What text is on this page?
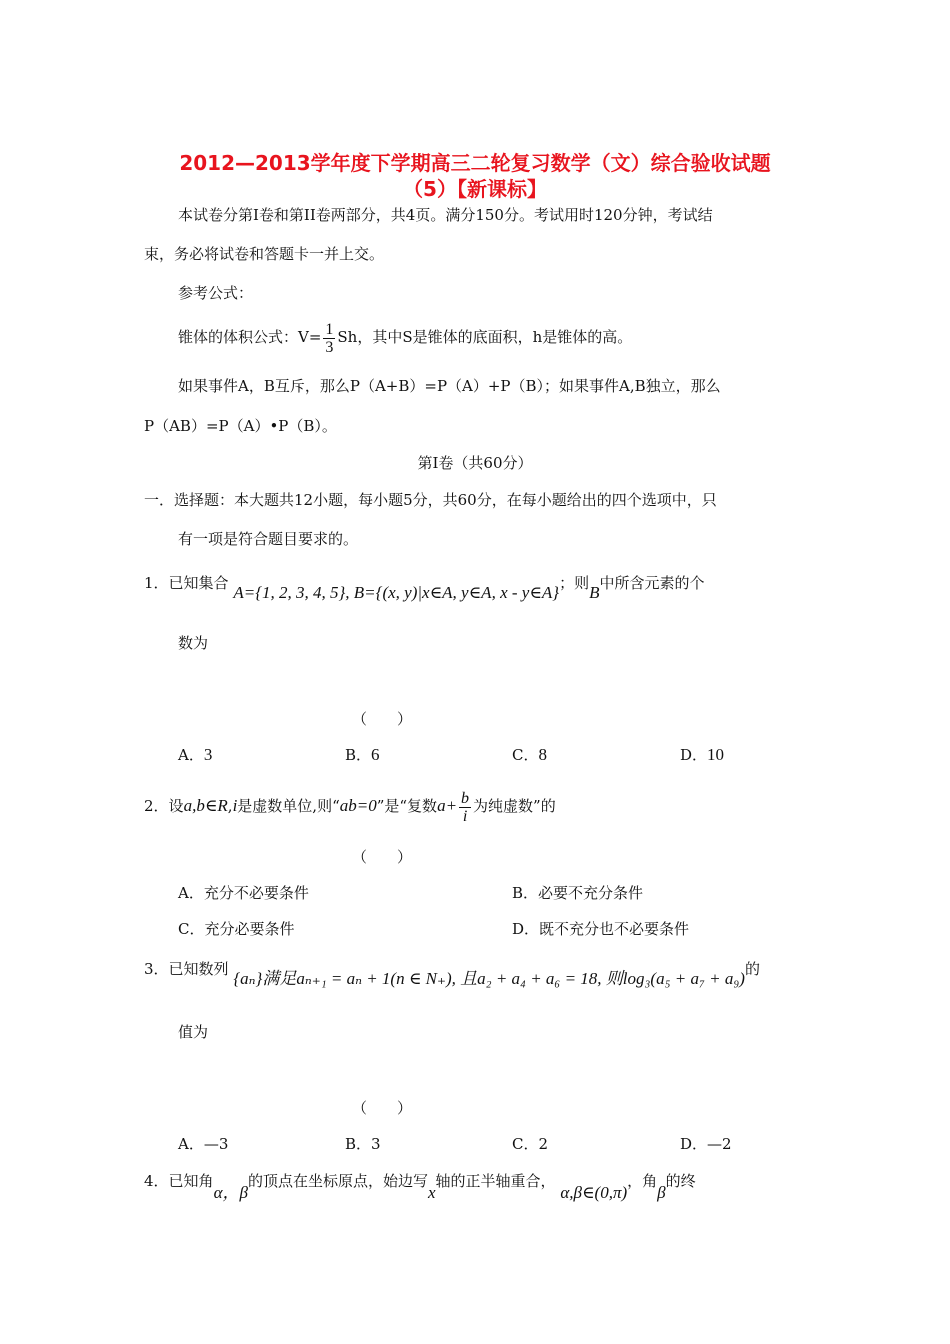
2012—2013学年度下学期高三二轮复习数学（文）综合验收试题
（5）【新课标】
本试卷分第I卷和第II卷两部分，共4页。满分150分。考试用时120分钟，考试结
束，务必将试卷和答题卡一并上交。
参考公式：
锥体的体积公式：$V= \frac{1}{3}$ Sh，其中S是锥体的底面积，h是锥体的高。
如果事件A，B互斥，那么P（A+B）=P（A）+P（B）；如果事件A,B独立，那么
P（AB）=P（A）•P（B）。
第I卷（共60分）
一．选择题：本大题共12小题，每小题5分，共60分，在每小题给出的四个选项中，只
有一项是符合题目要求的。
1．已知集合 A={1, 2, 3, 4, 5}, B={(x, y)|x∈A, y∈A, x - y∈A}；则B中所含元素的个
数为
（　　）
A．3	B．6	C．8	D．10
2．设a,b∈R,i是虚数单位,则“ab=0”是“复数$a+ \frac{b}{i}$ 为纯虚数”的
（　　）
A．充分不必要条件	B．必要不充分条件
C．充分必要条件	D．既不充分也不必要条件
3．已知数列 {aₙ}满足aₙ₊₁ = aₙ + 1(n ∈ N₊), 且a₂ + a₄ + a₆ = 18, 则log₃(a₅ + a₇ + a₉)的
值为
（　　）
A．—3	B．3	C．2	D．—2
4．已知角α，β的顶点在坐标原点，始边写x轴的正半轴重合， α,β∈(0,π)，角β的终
